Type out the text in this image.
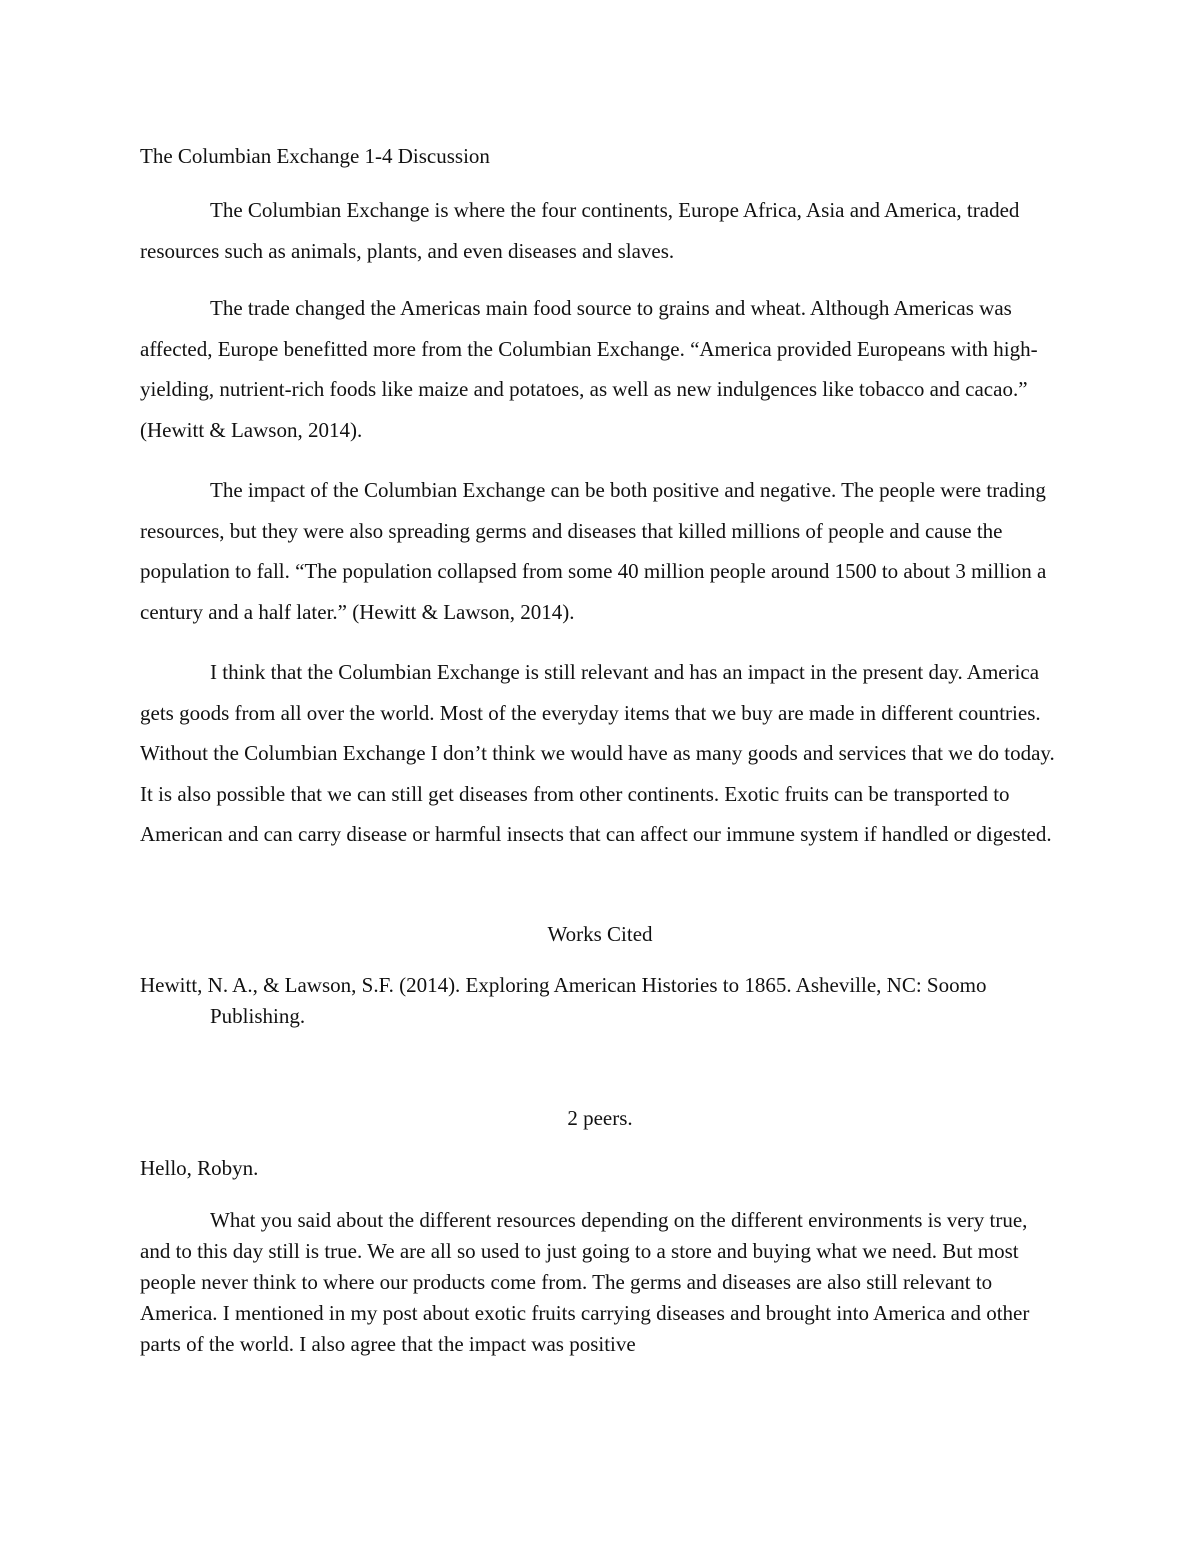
The Columbian Exchange 1-4 Discussion

The Columbian Exchange is where the four continents, Europe Africa, Asia and America, traded resources such as animals, plants, and even diseases and slaves.

The trade changed the Americas main food source to grains and wheat. Although Americas was affected, Europe benefitted more from the Columbian Exchange. “America provided Europeans with high-yielding, nutrient-rich foods like maize and potatoes, as well as new indulgences like tobacco and cacao.” (Hewitt & Lawson, 2014).

The impact of the Columbian Exchange can be both positive and negative. The people were trading resources, but they were also spreading germs and diseases that killed millions of people and cause the population to fall. “The population collapsed from some 40 million people around 1500 to about 3 million a century and a half later.” (Hewitt & Lawson, 2014).

I think that the Columbian Exchange is still relevant and has an impact in the present day. America gets goods from all over the world. Most of the everyday items that we buy are made in different countries. Without the Columbian Exchange I don’t think we would have as many goods and services that we do today. It is also possible that we can still get diseases from other continents. Exotic fruits can be transported to American and can carry disease or harmful insects that can affect our immune system if handled or digested.

Works Cited

Hewitt, N. A., & Lawson, S.F. (2014). Exploring American Histories to 1865. Asheville, NC: Soomo Publishing.

2 peers.

Hello, Robyn.

What you said about the different resources depending on the different environments is very true, and to this day still is true. We are all so used to just going to a store and buying what we need. But most people never think to where our products come from. The germs and diseases are also still relevant to America. I mentioned in my post about exotic fruits carrying diseases and brought into America and other parts of the world. I also agree that the impact was positive
